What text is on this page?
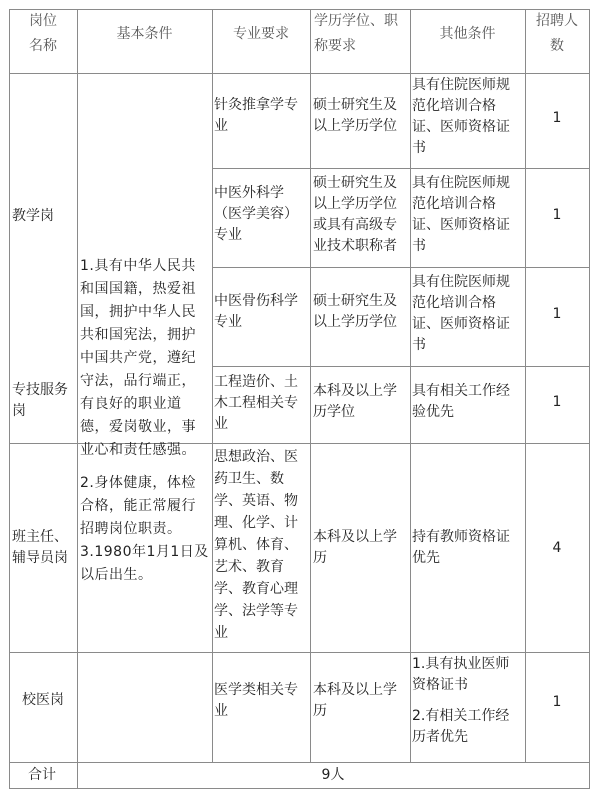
岗位
名称
基本条件	专业要求
学历学位、职
称要求
其他条件
招聘人
数
教学岗
专技服务
岗
班主任、
辅导员岗
校医岗
1.具有中华人民共
和国国籍，热爱祖
国，拥护中华人民
共和国宪法，拥护
中国共产党，遵纪
守法，品行端正，
有良好的职业道
德，爱岗敬业，事
业心和责任感强。
2.身体健康，体检
合格，能正常履行
招聘岗位职责。
3.1980年1月1日及
以后出生。
针灸推拿学专
业
硕士研究生及
以上学历学位
具有住院医师规
范化培训合格
证、医师资格证
书
1
中医外科学
（医学美容）
专业
硕士研究生及
以上学历学位
或具有高级专
业技术职称者
具有住院医师规
范化培训合格
证、医师资格证
书
1
中医骨伤科学
专业
硕士研究生及
以上学历学位
具有住院医师规
范化培训合格
证、医师资格证
书
1
工程造价、土
木工程相关专
业
本科及以上学
历学位
具有相关工作经
验优先
1
思想政治、医
药卫生、数
学、英语、物
理、化学、计
算机、体育、
艺术、教育
学、教育心理
学、法学等专
业
本科及以上学
历
持有教师资格证
优先
4
医学类相关专
业
本科及以上学
历
1.具有执业医师
资格证书
2.有相关工作经
历者优先
1
合计	9人
